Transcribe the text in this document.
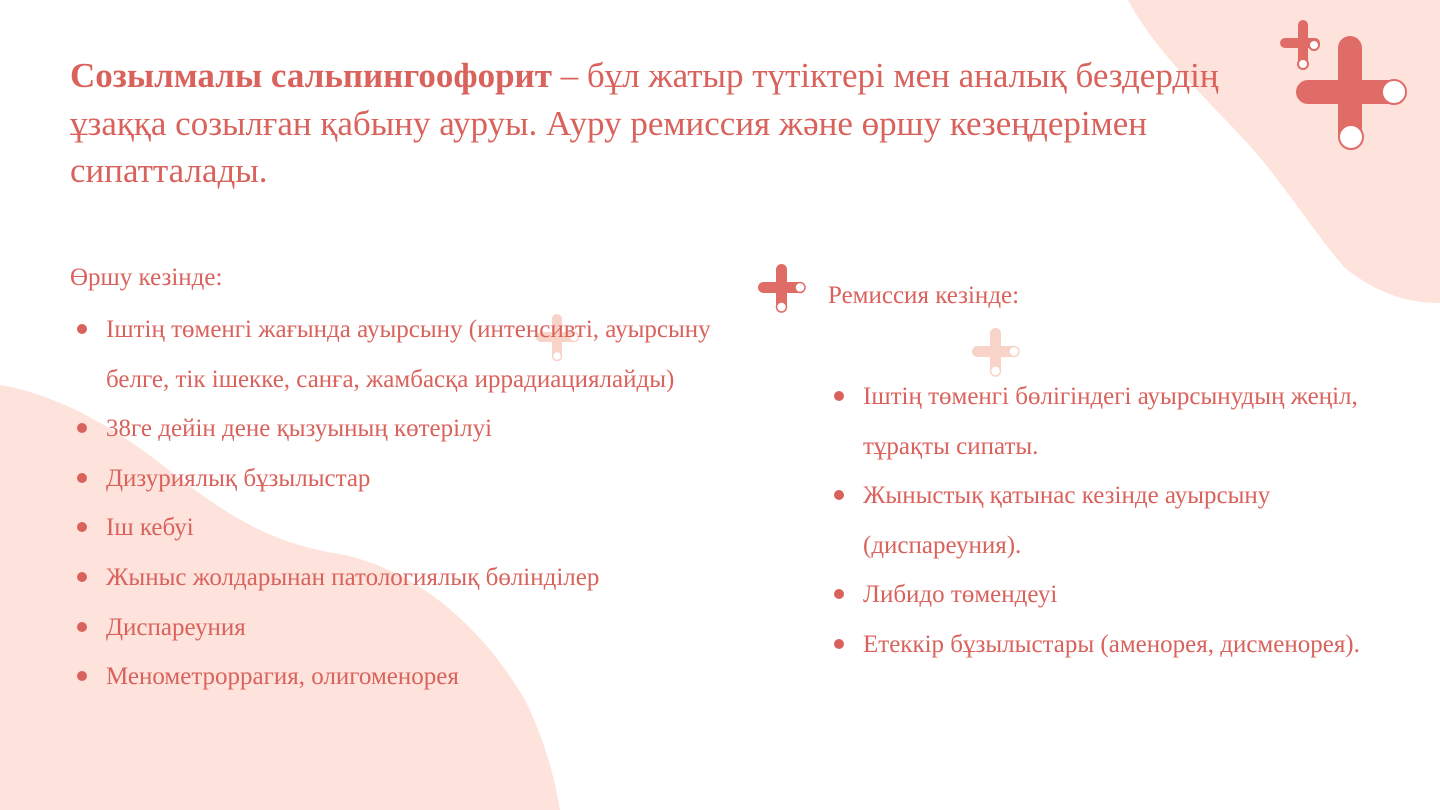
Созылмалы сальпингоофорит – бұл жатыр түтіктері мен аналық бездердің ұзаққа созылған қабыну ауруы. Ауру ремиссия және өршу кезеңдерімен сипатталады.

Өршу кезінде:

Іштің төменгі жағында ауырсыну (интенсивті, ауырсыну белге, тік ішекке, санға, жамбасқа иррадиациялайды)
38ге дейін дене қызуының көтерілуі
Дизуриялық бұзылыстар
Іш кебуі
Жыныс жолдарынан патологиялық бөлінділер
Диспареуния
Менометроррагия, олигоменорея

Ремиссия кезінде:

Іштің төменгі бөлігіндегі ауырсынудың жеңіл, тұрақты сипаты.
Жыныстық қатынас кезінде ауырсыну (диспареуния).
Либидо төмендеуі
Етеккір бұзылыстары (аменорея, дисменорея).
